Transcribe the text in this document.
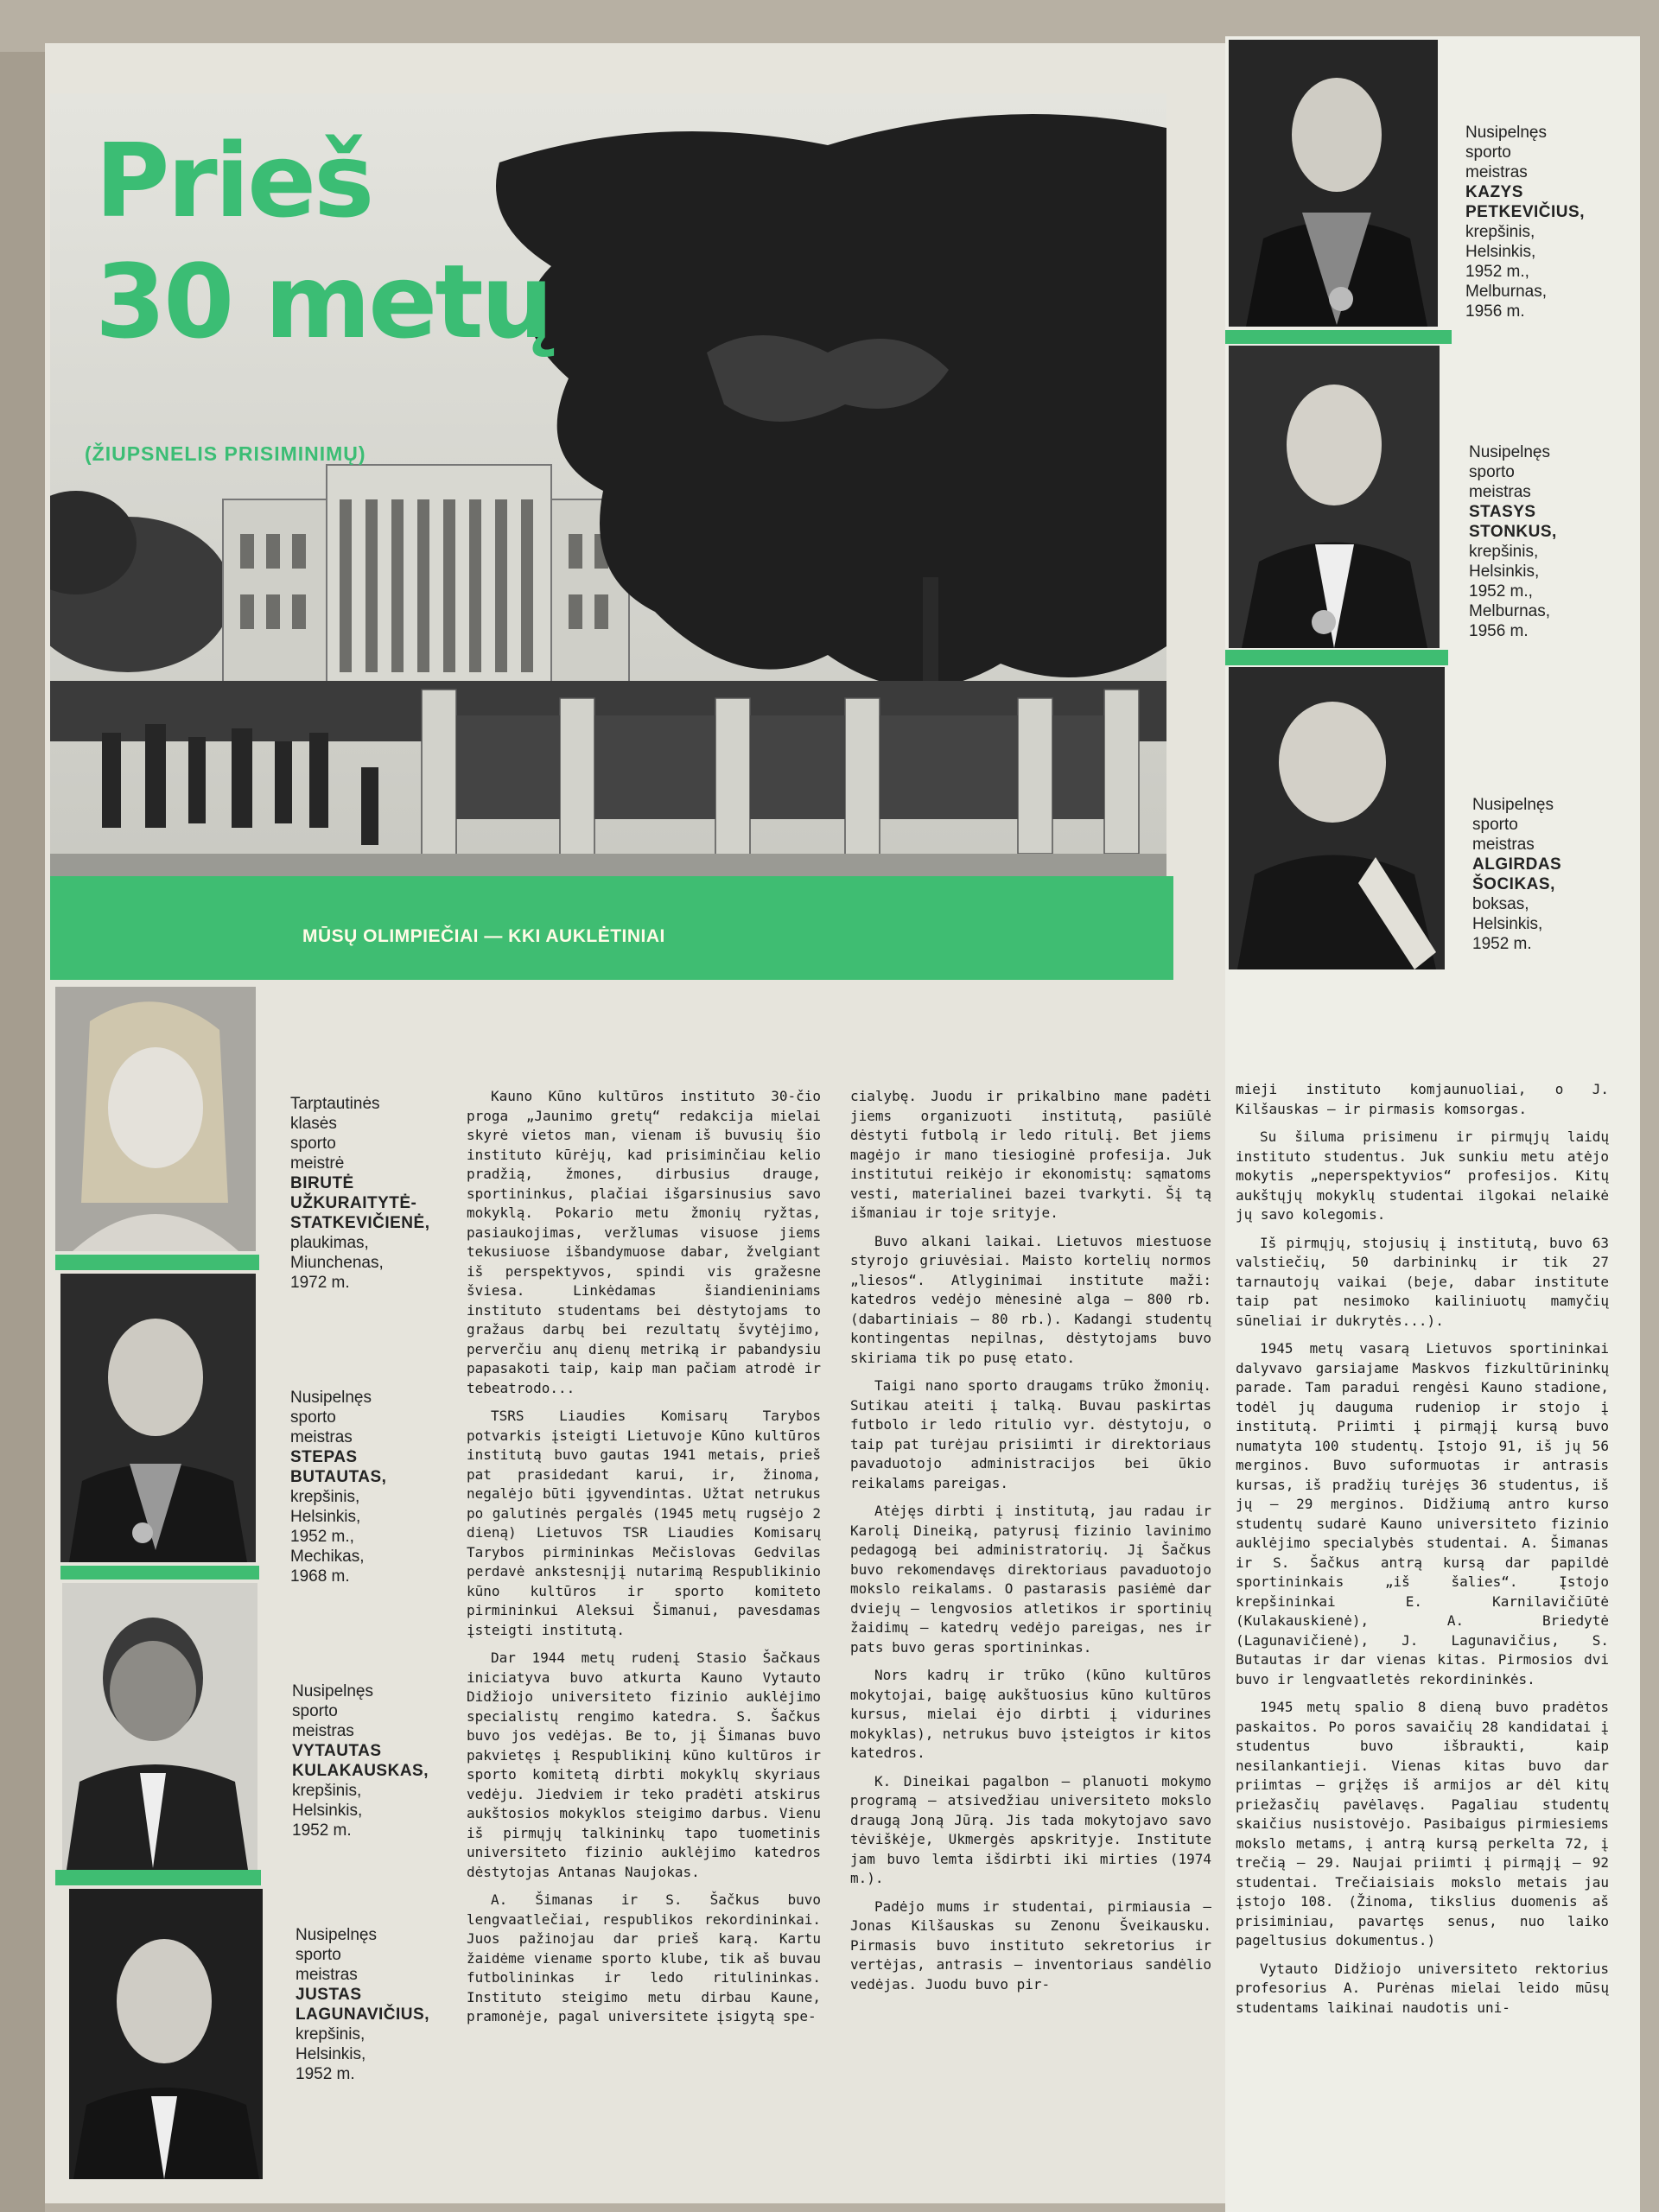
Prieš
30 metų
(ŽIUPSNELIS PRISIMINIMŲ)
MŪSŲ OLIMPIEČIAI — KKI AUKLĖTINIAI
Nusipelnęs
sporto
meistras
KAZYS
PETKEVIČIUS,
krepšinis,
Helsinkis,
1952 m.,
Melburnas,
1956 m.
Nusipelnęs
sporto
meistras
STASYS
STONKUS,
krepšinis,
Helsinkis,
1952 m.,
Melburnas,
1956 m.
Nusipelnęs
sporto
meistras
ALGIRDAS
ŠOCIKAS,
boksas,
Helsinkis,
1952 m.
Tarptautinės
klasės
sporto
meistrė
BIRUTĖ
UŽKURAITYTĖ-
STATKEVIČIENĖ,
plaukimas,
Miunchenas,
1972 m.
Nusipelnęs
sporto
meistras
STEPAS
BUTAUTAS,
krepšinis,
Helsinkis,
1952 m.,
Mechikas,
1968 m.
Nusipelnęs
sporto
meistras
VYTAUTAS
KULAKAUSKAS,
krepšinis,
Helsinkis,
1952 m.
Nusipelnęs
sporto
meistras
JUSTAS
LAGUNAVIČIUS,
krepšinis,
Helsinkis,
1952 m.

Kauno Kūno kultūros instituto 30-čio proga „Jaunimo gretų“ redakcija mielai skyrė vietos man, vienam iš buvusių šio instituto kūrėjų, kad prisiminčiau kelio pradžią, žmones, dirbusius drauge, sportininkus, plačiai išgarsinusius savo mokyklą. Pokario metu žmonių ryžtas, pasiaukojimas, veržlumas visuose jiems tekusiuose išbandymuose dabar, žvelgiant iš perspektyvos, spindi vis gražesne šviesa. Linkėdamas šiandieniniams instituto studentams bei dėstytojams to gražaus darbų bei rezultatų švytėjimo, perverčiu anų dienų metriką ir pabandysiu papasakoti taip, kaip man pačiam atrodė ir tebeatrodo...

TSRS Liaudies Komisarų Tarybos potvarkis įsteigti Lietuvoje Kūno kultūros institutą buvo gautas 1941 metais, prieš pat prasidedant karui, ir, žinoma, negalėjo būti įgyvendintas. Užtat netrukus po galutinės pergalės (1945 metų rugsėjo 2 dieną) Lietuvos TSR Liaudies Komisarų Tarybos pirmininkas Mečislovas Gedvilas perdavė ankstesnįjį nutarimą Respublikinio kūno kultūros ir sporto komiteto pirmininkui Aleksui Šimanui, pavesdamas įsteigti institutą.

Dar 1944 metų rudenį Stasio Šačkaus iniciatyva buvo atkurta Kauno Vytauto Didžiojo universiteto fizinio auklėjimo specialistų rengimo katedra. S. Šačkus buvo jos vedėjas. Be to, jį Šimanas buvo pakvietęs į Respublikinį kūno kultūros ir sporto komitetą dirbti mokyklų skyriaus vedėju. Jiedviem ir teko pradėti atskirus aukštosios mokyklos steigimo darbus. Vienu iš pirmųjų talkininkų tapo tuometinis universiteto fizinio auklėjimo katedros dėstytojas Antanas Naujokas.

A. Šimanas ir S. Šačkus buvo lengvaatlečiai, respublikos rekordininkai. Juos pažinojau dar prieš karą. Kartu žaidėme viename sporto klube, tik aš buvau futbolininkas ir ledo ritulininkas. Instituto steigimo metu dirbau Kaune, pramonėje, pagal universitete įsigytą spe-

cialybę. Juodu ir prikalbino mane padėti jiems organizuoti institutą, pasiūlė dėstyti futbolą ir ledo ritulį. Bet jiems magėjo ir mano tiesioginė profesija. Juk institutui reikėjo ir ekonomistų: sąmatoms vesti, materialinei bazei tvarkyti. Šį tą išmaniau ir toje srityje.

Buvo alkani laikai. Lietuvos miestuose styrojo griuvėsiai. Maisto kortelių normos „liesos“. Atlyginimai institute maži: katedros vedėjo mėnesinė alga — 800 rb. (dabartiniais — 80 rb.). Kadangi studentų kontingentas nepilnas, dėstytojams buvo skiriama tik po pusę etato.

Taigi nano sporto draugams trūko žmonių. Sutikau ateiti į talką. Buvau paskirtas futbolo ir ledo ritulio vyr. dėstytoju, o taip pat turėjau prisiimti ir direktoriaus pavaduotojo administracijos bei ūkio reikalams pareigas.

Atėjęs dirbti į institutą, jau radau ir Karolį Dineiką, patyrusį fizinio lavinimo pedagogą bei administratorių. Jį Šačkus buvo rekomendavęs direktoriaus pavaduotojo mokslo reikalams. O pastarasis pasiėmė dar dviejų — lengvosios atletikos ir sportinių žaidimų — katedrų vedėjo pareigas, nes ir pats buvo geras sportininkas.

Nors kadrų ir trūko (kūno kultūros mokytojai, baigę aukštuosius kūno kultūros kursus, mielai ėjo dirbti į vidurines mokyklas), netrukus buvo įsteigtos ir kitos katedros.

K. Dineikai pagalbon — planuoti mokymo programą — atsivedžiau universiteto mokslo draugą Joną Jūrą. Jis tada mokytojavo savo tėviškėje, Ukmergės apskrityje. Institute jam buvo lemta išdirbti iki mirties (1974 m.).

Padėjo mums ir studentai, pirmiausia — Jonas Kilšauskas su Zenonu Šveikausku. Pirmasis buvo instituto sekretorius ir vertėjas, antrasis — inventoriaus sandėlio vedėjas. Juodu buvo pir-

mieji instituto komjaunuoliai, o J. Kilšauskas — ir pirmasis komsorgas.

Su šiluma prisimenu ir pirmųjų laidų instituto studentus. Juk sunkiu metu atėjo mokytis „neperspektyvios“ profesijos. Kitų aukštųjų mokyklų studentai ilgokai nelaikė jų savo kolegomis.

Iš pirmųjų, stojusių į institutą, buvo 63 valstiečių, 50 darbininkų ir tik 27 tarnautojų vaikai (beje, dabar institute taip pat nesimoko kailiniuotų mamyčių sūneliai ir dukrytės...).

1945 metų vasarą Lietuvos sportininkai dalyvavo garsiajame Maskvos fizkultūrininkų parade. Tam paradui rengėsi Kauno stadione, todėl jų dauguma rudeniop ir stojo į institutą. Priimti į pirmąjį kursą buvo numatyta 100 studentų. Įstojo 91, iš jų 56 merginos. Buvo suformuotas ir antrasis kursas, iš pradžių turėjęs 36 studentus, iš jų — 29 merginos. Didžiumą antro kurso studentų sudarė Kauno universiteto fizinio auklėjimo specialybės studentai. A. Šimanas ir S. Šačkus antrą kursą dar papildė sportininkais „iš šalies“. Įstojo krepšininkai E. Karnilavičiūtė (Kulakauskienė), A. Briedytė (Lagunavičienė), J. Lagunavičius, S. Butautas ir dar vienas kitas. Pirmosios dvi buvo ir lengvaatletės rekordininkės.

1945 metų spalio 8 dieną buvo pradėtos paskaitos. Po poros savaičių 28 kandidatai į studentus buvo išbraukti, kaip nesilankantieji. Vienas kitas buvo dar priimtas — grįžęs iš armijos ar dėl kitų priežasčių pavėlavęs. Pagaliau studentų skaičius nusistovėjo. Pasibaigus pirmiesiems mokslo metams, į antrą kursą perkelta 72, į trečią — 29. Naujai priimti į pirmąjį — 92 studentai. Trečiaisiais mokslo metais jau įstojo 108. (Žinoma, tikslius duomenis aš prisiminiau, pavartęs senus, nuo laiko pageltusius dokumentus.)

Vytauto Didžiojo universiteto rektorius profesorius A. Purėnas mielai leido mūsų studentams laikinai naudotis uni-
